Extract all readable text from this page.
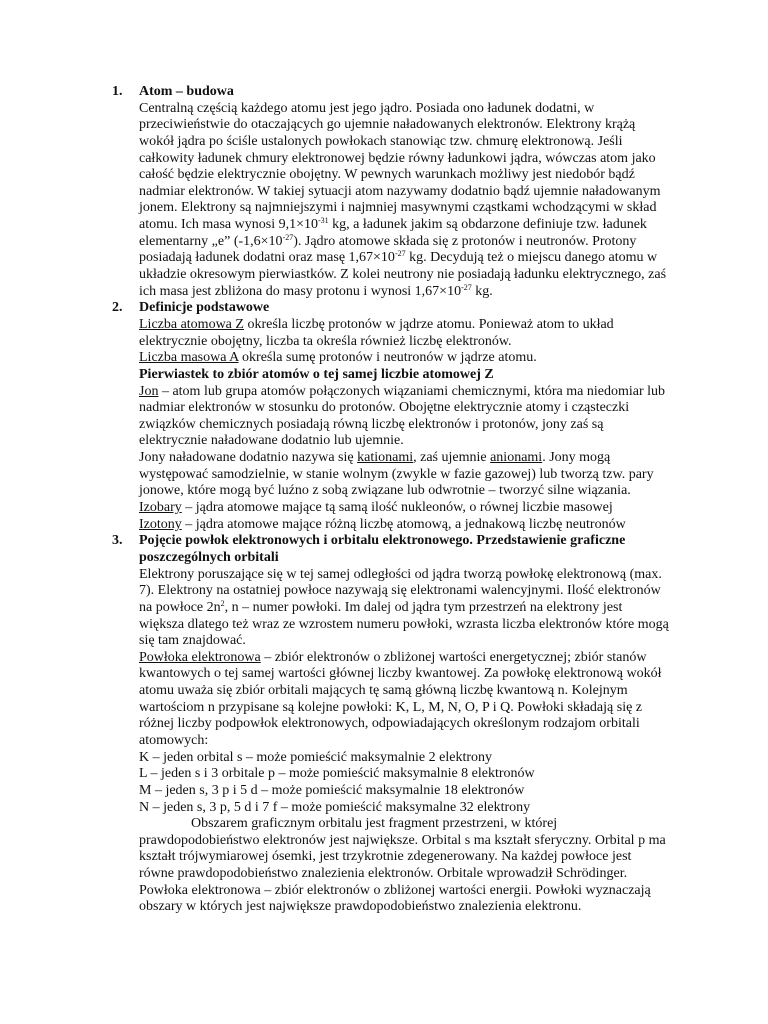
1. Atom – budowa
Centralną częścią każdego atomu jest jego jądro. Posiada ono ładunek dodatni, w
przeciwieństwie do otaczających go ujemnie naładowanych elektronów. Elektrony krążą
wokół jądra po ściśle ustalonych powłokach stanowiąc tzw. chmurę elektronową. Jeśli
całkowity ładunek chmury elektronowej będzie równy ładunkowi jądra, wówczas atom jako
całość będzie elektrycznie obojętny. W pewnych warunkach możliwy jest niedobór bądź
nadmiar elektronów. W takiej sytuacji atom nazywamy dodatnio bądź ujemnie naładowanym
jonem. Elektrony są najmniejszymi i najmniej masywnymi cząstkami wchodzącymi w skład
atomu. Ich masa wynosi $9,1\times 10^{-31}$ kg, a ładunek jakim są obdarzone definiuje tzw. ładunek
elementarny „e” $(-1,6\times 10^{-27})$. Jądro atomowe składa się z protonów i neutronów. Protony
posiadają ładunek dodatni oraz masę $1,67\times 10^{-27}$ kg. Decydują też o miejscu danego atomu w
układzie okresowym pierwiastków. Z kolei neutrony nie posiadają ładunku elektrycznego, zaś
ich masa jest zbliżona do masy protonu i wynosi $1,67\times 10^{-27}$ kg.
2. Definicje podstawowe
Liczba atomowa Z określa liczbę protonów w jądrze atomu. Ponieważ atom to układ
elektrycznie obojętny, liczba ta określa również liczbę elektronów.
Liczba masowa A określa sumę protonów i neutronów w jądrze atomu.
Pierwiastek to zbiór atomów o tej samej liczbie atomowej Z
Jon – atom lub grupa atomów połączonych wiązaniami chemicznymi, która ma niedomiar lub
nadmiar elektronów w stosunku do protonów. Obojętne elektrycznie atomy i cząsteczki
związków chemicznych posiadają równą liczbę elektronów i protonów, jony zaś są
elektrycznie naładowane dodatnio lub ujemnie.
Jony naładowane dodatnio nazywa się kationami, zaś ujemnie anionami. Jony mogą
występować samodzielnie, w stanie wolnym (zwykle w fazie gazowej) lub tworzą tzw. pary
jonowe, które mogą być luźno z sobą związane lub odwrotnie – tworzyć silne wiązania.
Izobary – jądra atomowe mające tą samą ilość nukleonów, o równej liczbie masowej
Izotony – jądra atomowe mające różną liczbę atomową, a jednakową liczbę neutronów
3. Pojęcie powłok elektronowych i orbitalu elektronowego. Przedstawienie graficzne
poszczególnych orbitali
Elektrony poruszające się w tej samej odległości od jądra tworzą powłokę elektronową (max.
7). Elektrony na ostatniej powłoce nazywają się elektronami walencyjnymi. Ilość elektronów
na powłoce $2n^2$, n – numer powłoki. Im dalej od jądra tym przestrzeń na elektrony jest
większa dlatego też wraz ze wzrostem numeru powłoki, wzrasta liczba elektronów które mogą
się tam znajdować.
Powłoka elektronowa – zbiór elektronów o zbliżonej wartości energetycznej; zbiór stanów
kwantowych o tej samej wartości głównej liczby kwantowej. Za powłokę elektronową wokół
atomu uważa się zbiór orbitali mających tę samą główną liczbę kwantową n. Kolejnym
wartościom n przypisane są kolejne powłoki: K, L, M, N, O, P i Q. Powłoki składają się z
różnej liczby podpowłok elektronowych, odpowiadających określonym rodzajom orbitali
atomowych:
K – jeden orbital s – może pomieścić maksymalnie 2 elektrony
L – jeden s i 3 orbitale p – może pomieścić maksymalnie 8 elektronów
M – jeden s, 3 p i 5 d – może pomieścić maksymalnie 18 elektronów
N – jeden s, 3 p, 5 d i 7 f – może pomieścić maksymalne 32 elektrony
Obszarem graficznym orbitalu jest fragment przestrzeni, w której
prawdopodobieństwo elektronów jest największe. Orbital s ma kształt sferyczny. Orbital p ma
kształt trójwymiarowej ósemki, jest trzykrotnie zdegenerowany. Na każdej powłoce jest
równe prawdopodobieństwo znalezienia elektronów. Orbitale wprowadził Schrödinger.
Powłoka elektronowa – zbiór elektronów o zbliżonej wartości energii. Powłoki wyznaczają
obszary w których jest największe prawdopodobieństwo znalezienia elektronu.
